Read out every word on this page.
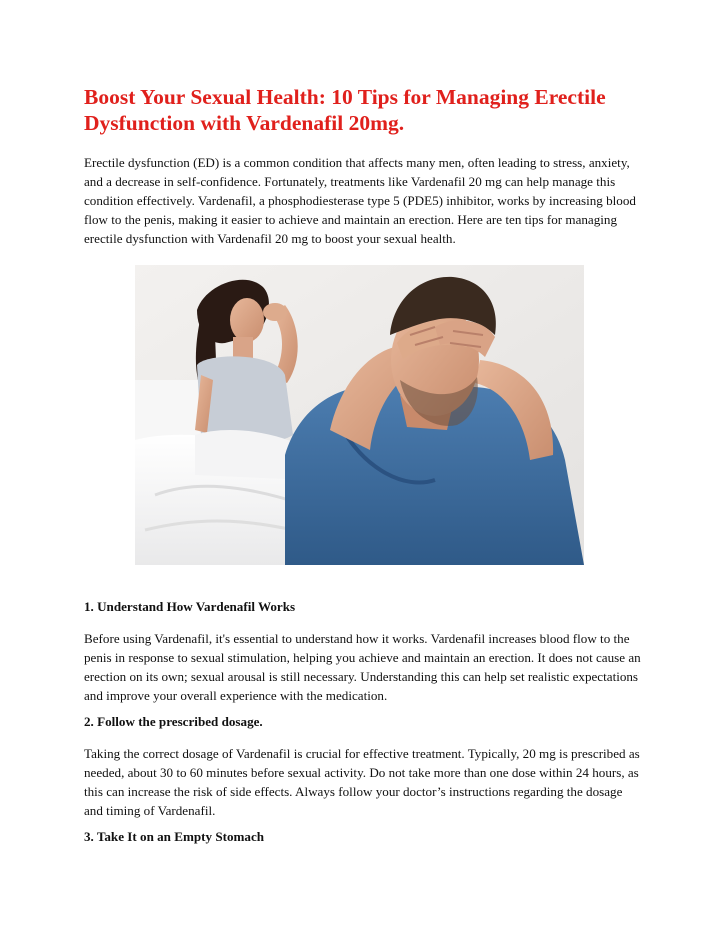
Boost Your Sexual Health: 10 Tips for Managing Erectile Dysfunction with Vardenafil 20mg.

Erectile dysfunction (ED) is a common condition that affects many men, often leading to stress, anxiety, and a decrease in self-confidence. Fortunately, treatments like Vardenafil 20 mg can help manage this condition effectively. Vardenafil, a phosphodiesterase type 5 (PDE5) inhibitor, works by increasing blood flow to the penis, making it easier to achieve and maintain an erection. Here are ten tips for managing erectile dysfunction with Vardenafil 20 mg to boost your sexual health.

1. Understand How Vardenafil Works

Before using Vardenafil, it's essential to understand how it works. Vardenafil increases blood flow to the penis in response to sexual stimulation, helping you achieve and maintain an erection. It does not cause an erection on its own; sexual arousal is still necessary. Understanding this can help set realistic expectations and improve your overall experience with the medication.

2. Follow the prescribed dosage.

Taking the correct dosage of Vardenafil is crucial for effective treatment. Typically, 20 mg is prescribed as needed, about 30 to 60 minutes before sexual activity. Do not take more than one dose within 24 hours, as this can increase the risk of side effects. Always follow your doctor’s instructions regarding the dosage and timing of Vardenafil.

3. Take It on an Empty Stomach
